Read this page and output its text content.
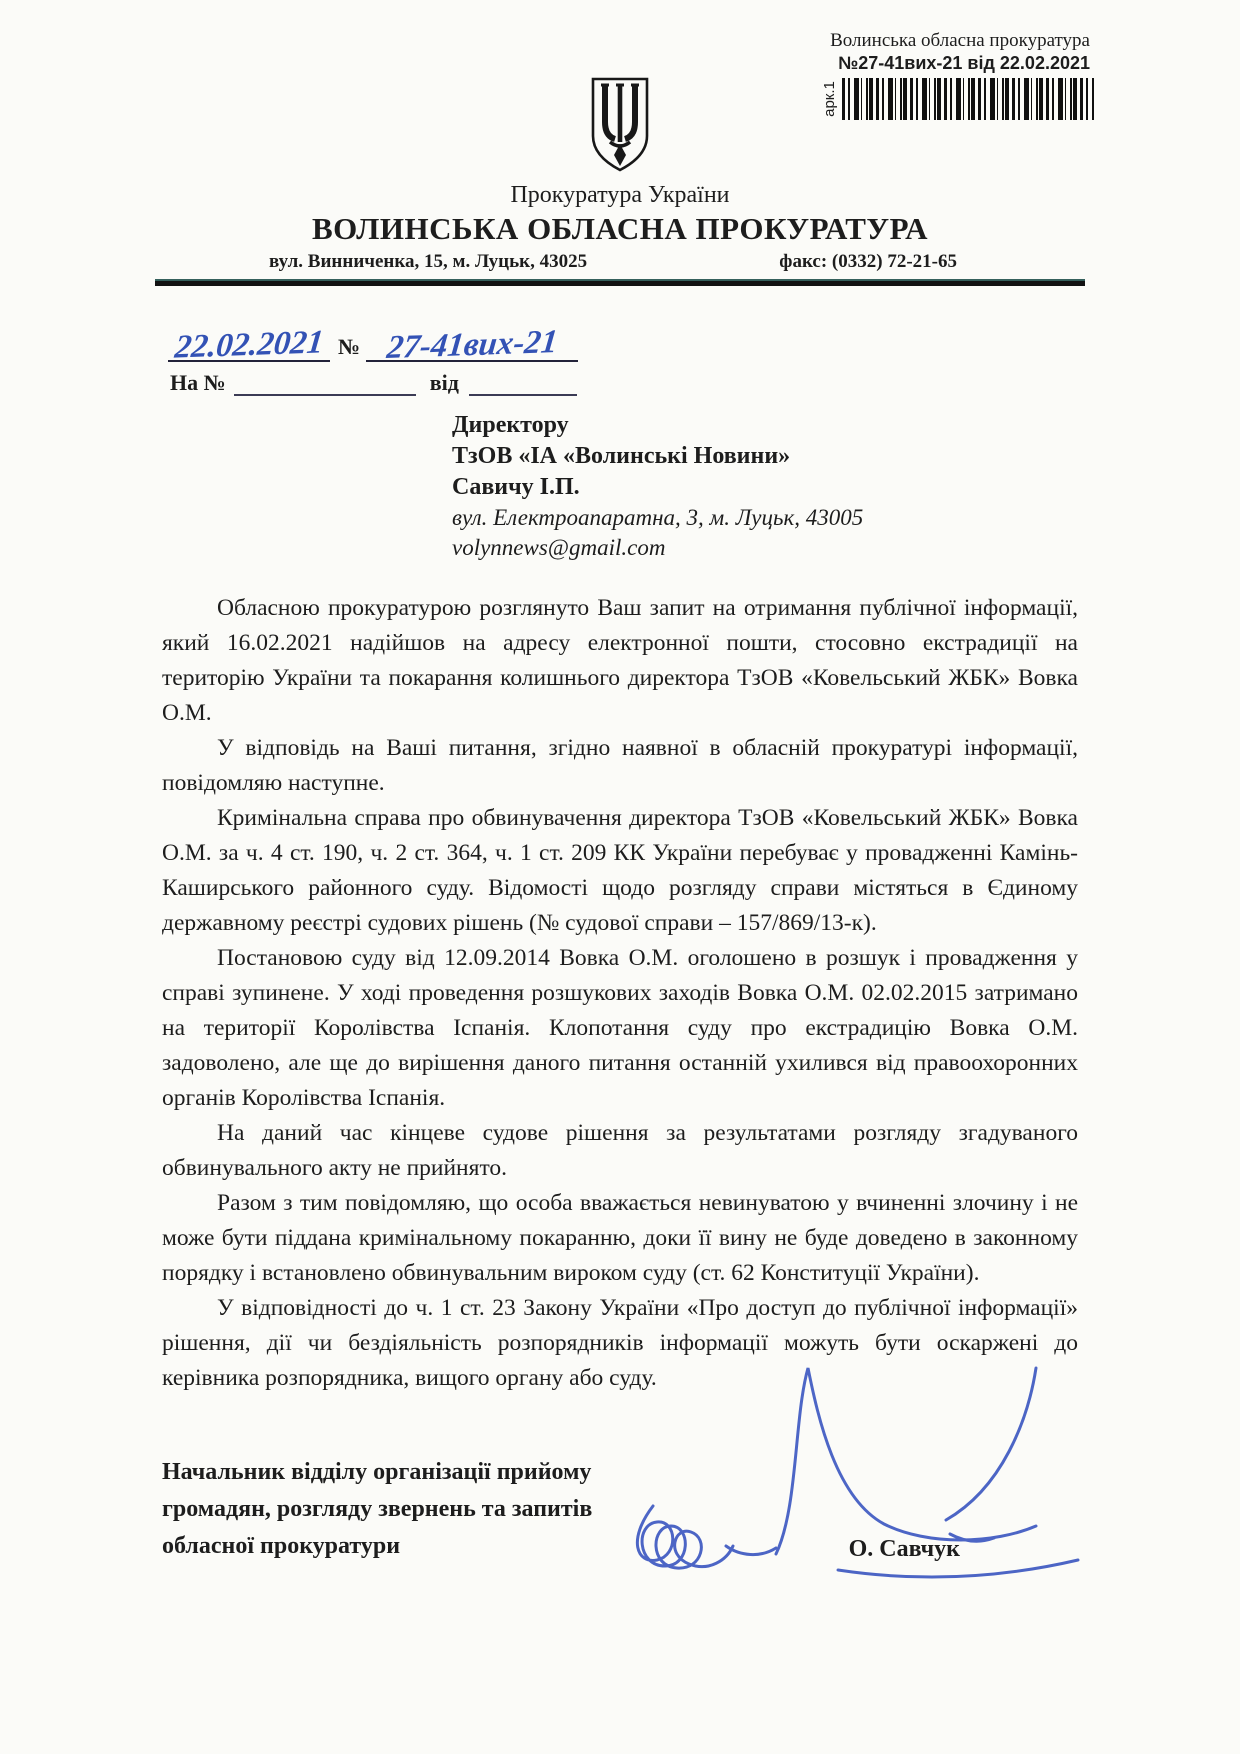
Волинська обласна прокуратура
№27-41вих-21 від 22.02.2021
арк.1
Прокуратура України
ВОЛИНСЬКА ОБЛАСНА ПРОКУРАТУРА
вул. Винниченка, 15, м. Луцьк, 43025	факс: (0332) 72-21-65
22.02.2021 № 27-41вих-21
На №	від
Директору
ТзОВ «ІА «Волинські Новини»
Савичу І.П.
вул. Електроапаратна, 3, м. Луцьк, 43005
volynnews@gmail.com

Обласною прокуратурою розглянуто Ваш запит на отримання публічної інформації, який 16.02.2021 надійшов на адресу електронної пошти, стосовно екстрадиції на територію України та покарання колишнього директора ТзОВ «Ковельський ЖБК» Вовка О.М.

У відповідь на Ваші питання, згідно наявної в обласній прокуратурі інформації, повідомляю наступне.

Кримінальна справа про обвинувачення директора ТзОВ «Ковельський ЖБК» Вовка О.М. за ч. 4 ст. 190, ч. 2 ст. 364, ч. 1 ст. 209 КК України перебуває у провадженні Камінь-Каширського районного суду. Відомості щодо розгляду справи містяться в Єдиному державному реєстрі судових рішень (№ судової справи – 157/869/13-к).

Постановою суду від 12.09.2014 Вовка О.М. оголошено в розшук і провадження у справі зупинене. У ході проведення розшукових заходів Вовка О.М. 02.02.2015 затримано на території Королівства Іспанія. Клопотання суду про екстрадицію Вовка О.М. задоволено, але ще до вирішення даного питання останній ухилився від правоохоронних органів Королівства Іспанія.

На даний час кінцеве судове рішення за результатами розгляду згадуваного обвинувального акту не прийнято.

Разом з тим повідомляю, що особа вважається невинуватою у вчиненні злочину і не може бути піддана кримінальному покаранню, доки її вину не буде доведено в законному порядку і встановлено обвинувальним вироком суду (ст. 62 Конституції України).

У відповідності до ч. 1 ст. 23 Закону України «Про доступ до публічної інформації» рішення, дії чи бездіяльність розпорядників інформації можуть бути оскаржені до керівника розпорядника, вищого органу або суду.

Начальник відділу організації прийому
громадян, розгляду звернень та запитів
обласної прокуратури	О. Савчук
